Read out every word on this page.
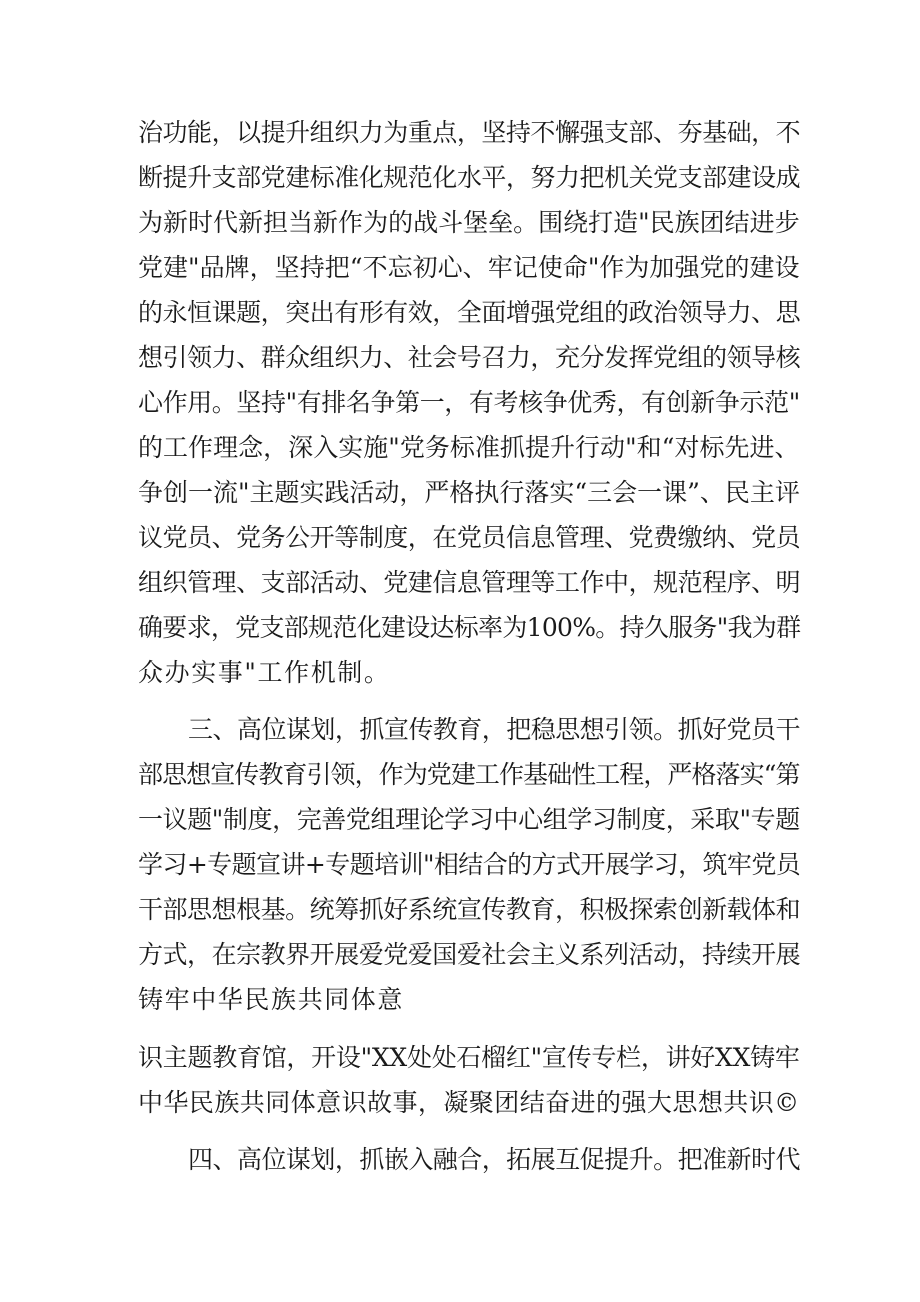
治功能，以提升组织力为重点，坚持不懈强支部、夯基础，不
断提升支部党建标准化规范化水平，努力把机关党支部建设成
为新时代新担当新作为的战斗堡垒。围绕打造"民族团结进步
党建"品牌，坚持把“不忘初心、牢记使命"作为加强党的建设
的永恒课题，突出有形有效，全面增强党组的政治领导力、思
想引领力、群众组织力、社会号召力，充分发挥党组的领导核
心作用。坚持"有排名争第一，有考核争优秀，有创新争示范"
的工作理念，深入实施"党务标准抓提升行动"和“对标先进、
争创一流"主题实践活动，严格执行落实“三会一课”、民主评
议党员、党务公开等制度，在党员信息管理、党费缴纳、党员
组织管理、支部活动、党建信息管理等工作中，规范程序、明
确要求，党支部规范化建设达标率为100%。持久服务"我为群
众办实事"工作机制。
三、高位谋划，抓宣传教育，把稳思想引领。抓好党员干
部思想宣传教育引领，作为党建工作基础性工程，严格落实“第
一议题"制度，完善党组理论学习中心组学习制度，采取"专题
学习+专题宣讲+专题培训"相结合的方式开展学习，筑牢党员
干部思想根基。统筹抓好系统宣传教育，积极探索创新载体和
方式，在宗教界开展爱党爱国爱社会主义系列活动，持续开展
铸牢中华民族共同体意
识主题教育馆，开设"XX处处石榴红"宣传专栏，讲好XX铸牢
中华民族共同体意识故事，凝聚团结奋进的强大思想共识©
四、高位谋划，抓嵌入融合，拓展互促提升。把准新时代
